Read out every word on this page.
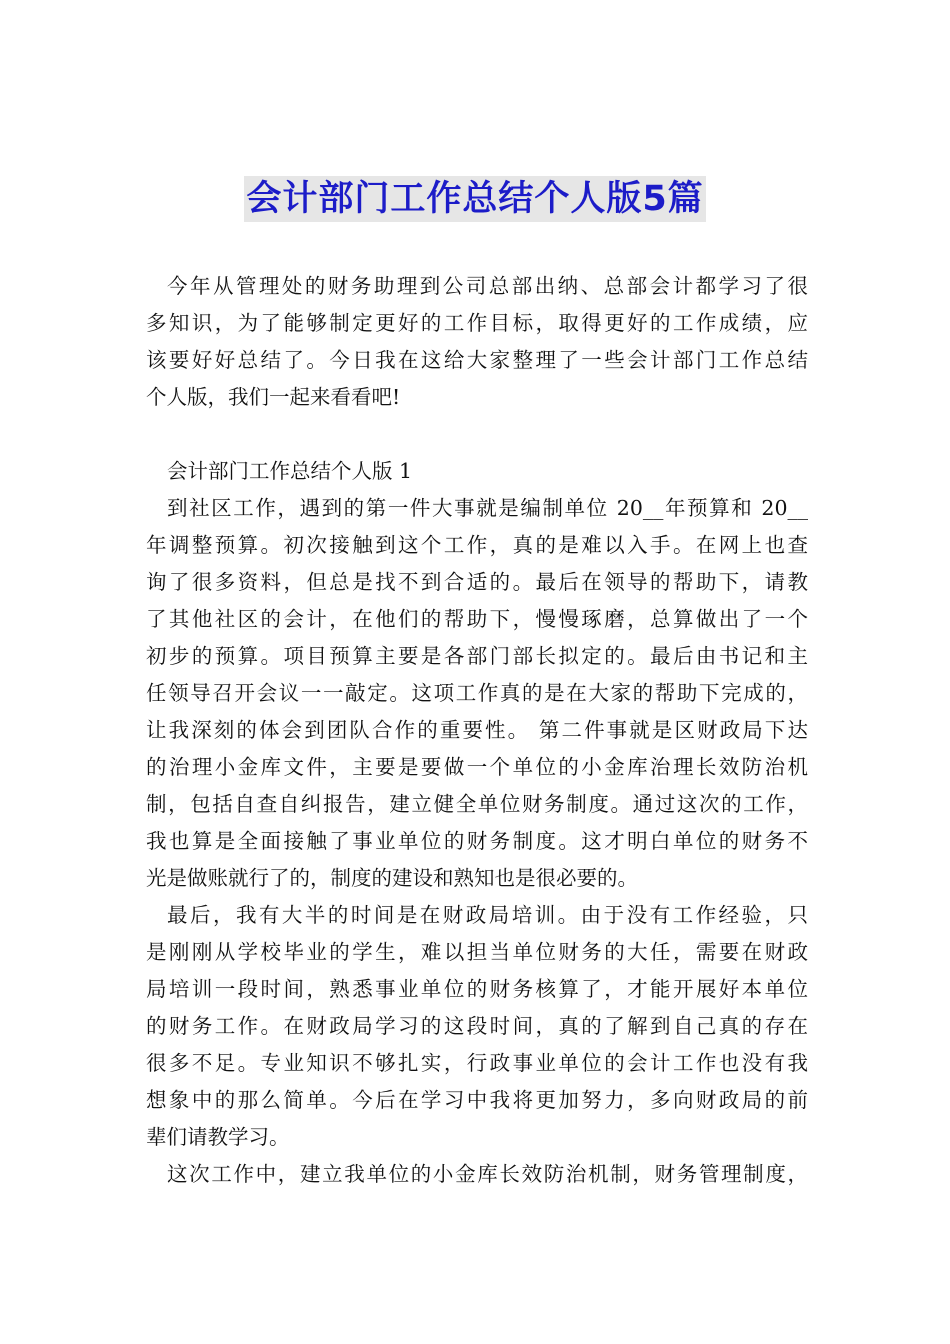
会计部门工作总结个人版5篇
今年从管理处的财务助理到公司总部出纳、总部会计都学习了很
多知识，为了能够制定更好的工作目标，取得更好的工作成绩，应
该要好好总结了。今日我在这给大家整理了一些会计部门工作总结
个人版，我们一起来看看吧!
会计部门工作总结个人版 1
到社区工作，遇到的第一件大事就是编制单位 20__年预算和 20__
年调整预算。初次接触到这个工作，真的是难以入手。在网上也查
询了很多资料，但总是找不到合适的。最后在领导的帮助下，请教
了其他社区的会计，在他们的帮助下，慢慢琢磨，总算做出了一个
初步的预算。项目预算主要是各部门部长拟定的。最后由书记和主
任领导召开会议一一敲定。这项工作真的是在大家的帮助下完成的，
让我深刻的体会到团队合作的重要性。 第二件事就是区财政局下达
的治理小金库文件，主要是要做一个单位的小金库治理长效防治机
制，包括自查自纠报告，建立健全单位财务制度。通过这次的工作，
我也算是全面接触了事业单位的财务制度。这才明白单位的财务不
光是做账就行了的，制度的建设和熟知也是很必要的。
最后，我有大半的时间是在财政局培训。由于没有工作经验，只
是刚刚从学校毕业的学生，难以担当单位财务的大任，需要在财政
局培训一段时间，熟悉事业单位的财务核算了，才能开展好本单位
的财务工作。在财政局学习的这段时间，真的了解到自己真的存在
很多不足。专业知识不够扎实，行政事业单位的会计工作也没有我
想象中的那么简单。今后在学习中我将更加努力，多向财政局的前
辈们请教学习。
这次工作中，建立我单位的小金库长效防治机制，财务管理制度，
